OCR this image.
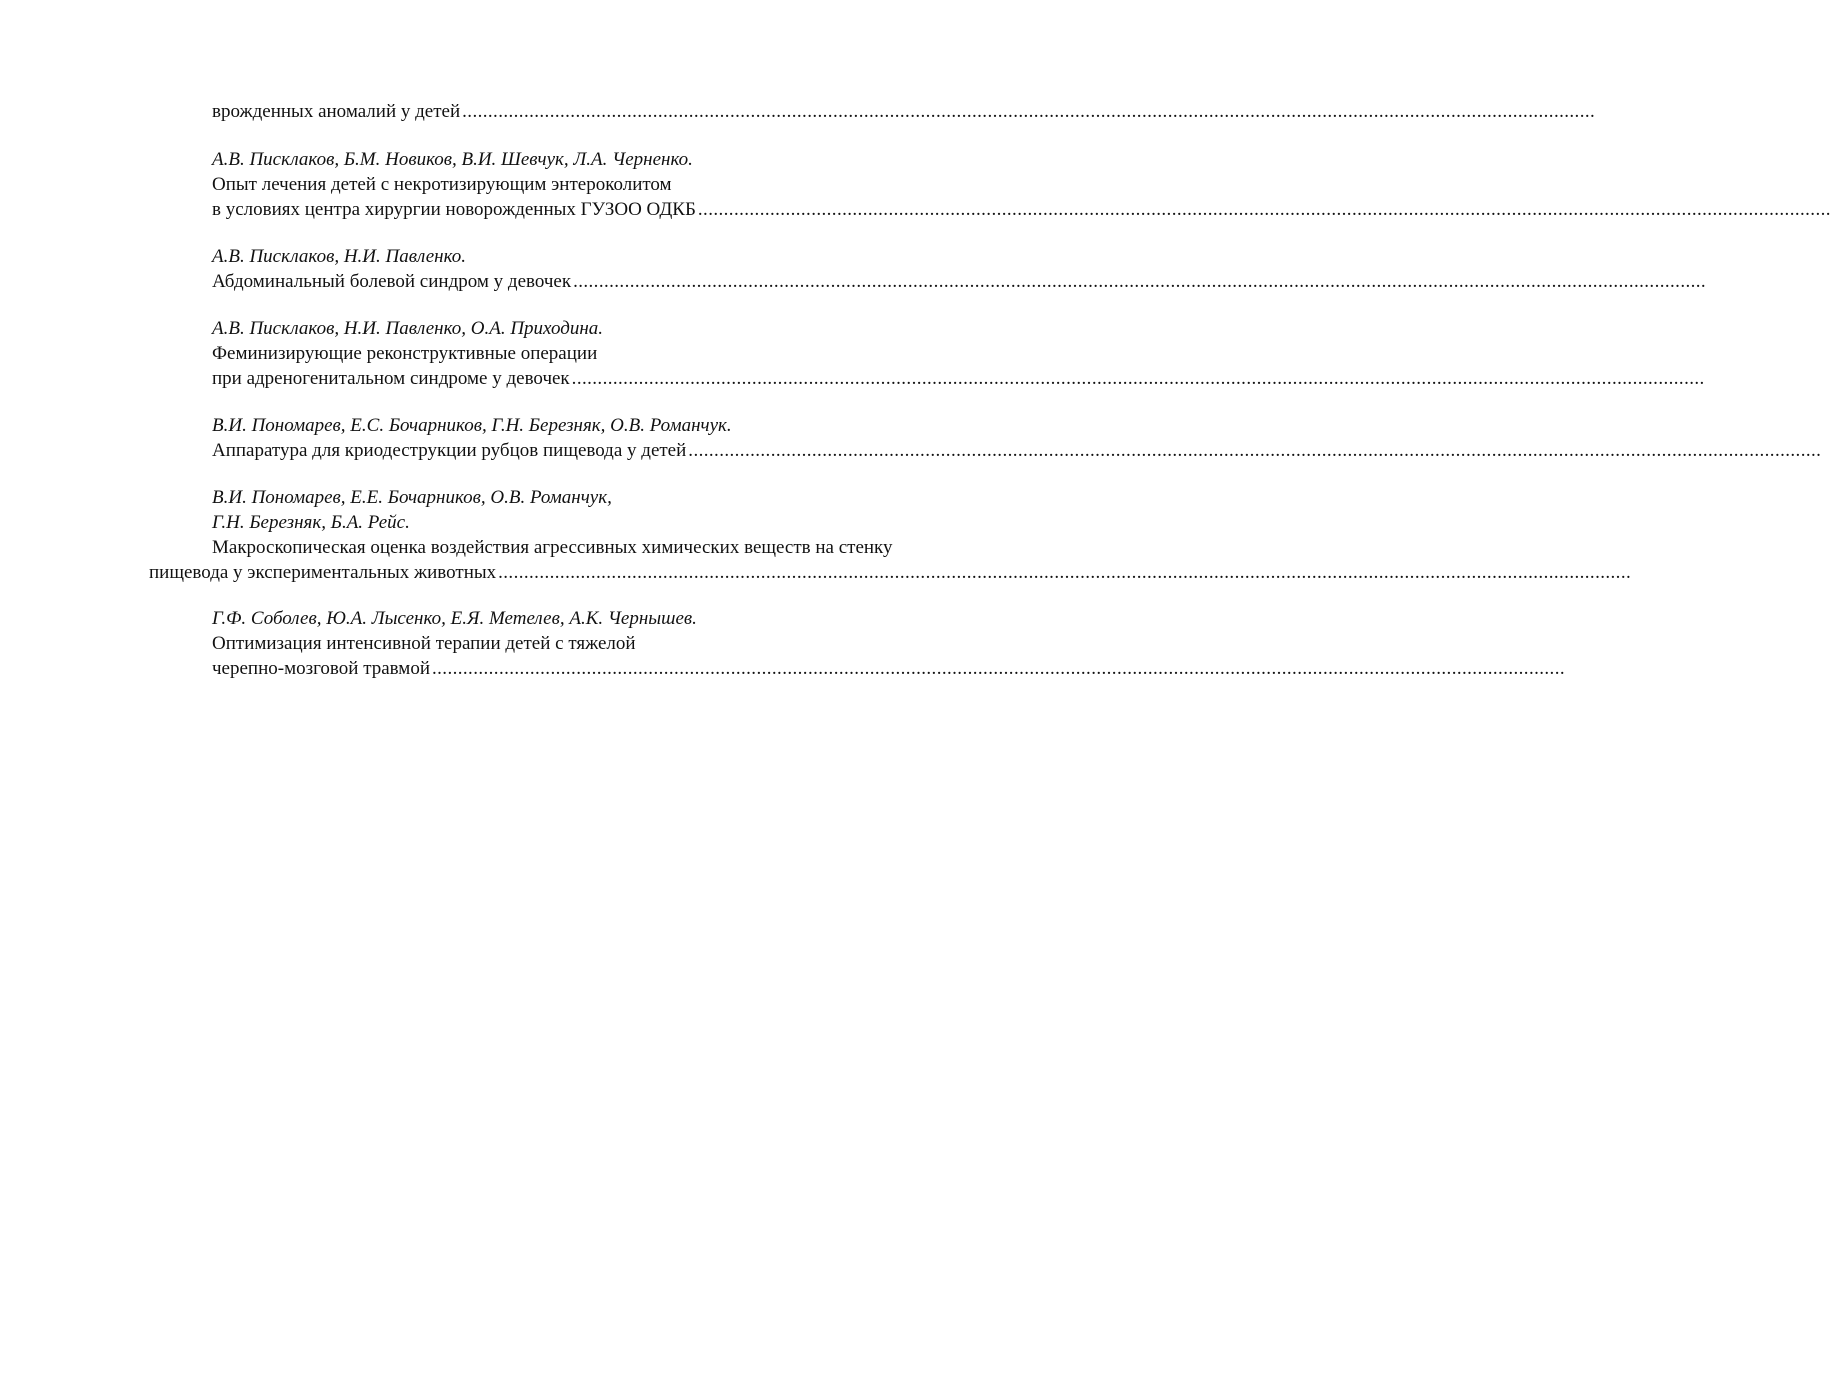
врожденных аномалий у детей ............................................................................................................................................................................................................................
А.В. Писклаков, Б.М. Новиков, В.И. Шевчук, Л.А. Черненко.
Опыт лечения детей с некротизирующим энтероколитом
в условиях центра хирургии новорожденных ГУЗОО ОДКБ ............................................................................................................................................................................................................................
А.В. Писклаков, Н.И. Павленко.
Абдоминальный болевой синдром у девочек ............................................................................................................................................................................................................................
А.В. Писклаков, Н.И. Павленко, О.А. Приходина.
Феминизирующие реконструктивные операции
при адреногенитальном синдроме у девочек ............................................................................................................................................................................................................................
В.И. Пономарев, Е.С. Бочарников, Г.Н. Березняк, О.В. Романчук.
Аппаратура для криодеструкции рубцов пищевода у детей ............................................................................................................................................................................................................................
В.И. Пономарев, Е.Е. Бочарников, О.В. Романчук,
Г.Н. Березняк, Б.А. Рейс.
Макроскопическая оценка воздействия агрессивных химических веществ на стенку
пищевода у экспериментальных животных ............................................................................................................................................................................................................................
Г.Ф. Соболев, Ю.А. Лысенко, Е.Я. Метелев, А.К. Чернышев.
Оптимизация интенсивной терапии детей с тяжелой
черепно-мозговой травмой ............................................................................................................................................................................................................................
